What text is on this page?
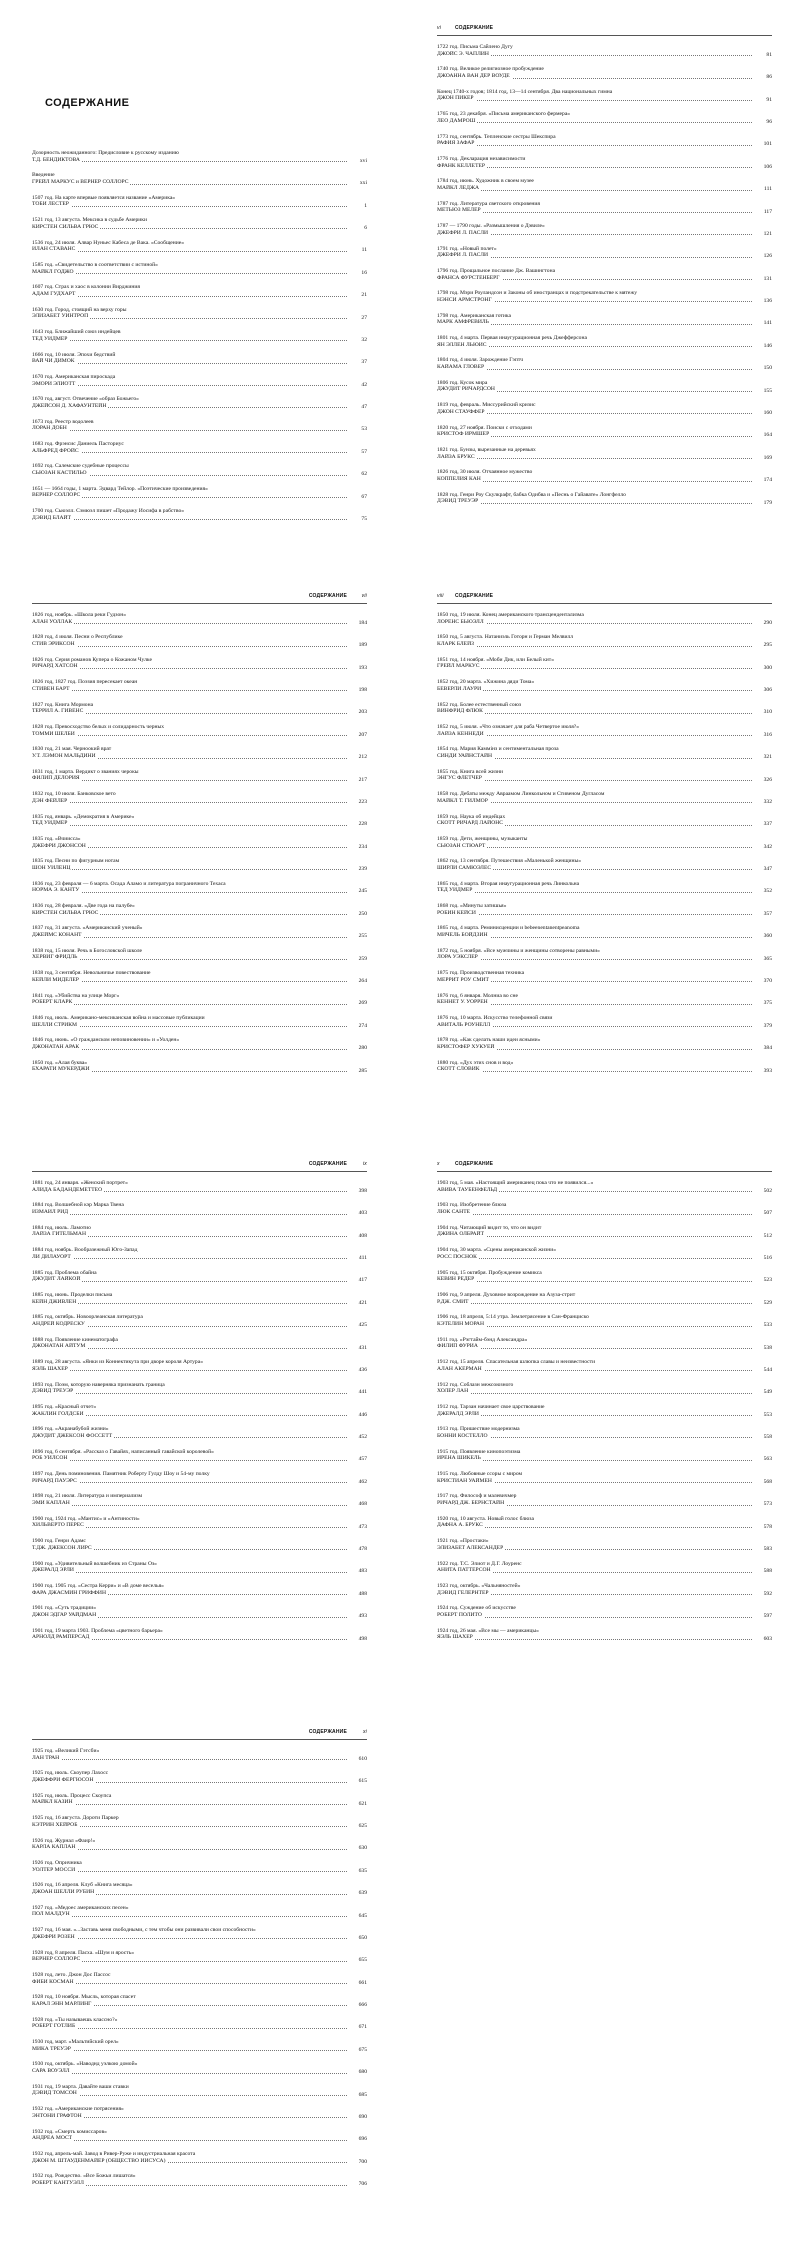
СОДЕРЖАНИЕ
Дозорность неожиданного: Предисловие к русскому изданию
Т.Д. БЕНДИКТОВА	xvi
Введение
ГРЕЙЛ МАРКУС и ВЕРНЕР СОЛЛОРС	xxi
1507 год. На карте впервые появляется название «Америка»
ТОБИ ЛЕСТЕР	1
1521 год, 13 августа. Мексика в судьбе Америки
КИРСТЕН СИЛЬВА ГРЮС	6
1536 год, 24 июля. Алвар Нуньес Кабеса де Вака. «Сообщение»
ИЛАН СТАВАНС	11
1585 год. «Свидетельство в соответствии с истиной»
МАЙКЛ ГОДЖО	16
1607 год. Страх и хаос в колонии Вирджиния
АДАМ ГУДХАРТ	21
1630 год. Город, стоящий на верху горы
ЭЛИЗАБЕТ УИНТРОП	27
1643 год. Ближайший союз индейцев
ТЕД УИДМЕР	32
1666 год, 10 июля. Эпохи бедствий
ВАЙ ЧИ ДИМОК	37
1670 год. Американская пироскада
ЭМОРИ ЭЛИОТТ	42
1670 год, август. Отвечение «образ Божьего»
ДЖЕЙСОН Д. ХАФАУНТЕЙН	47
1673 год. Реестр водолеев
ЛОРАН ДОБН	53
1683 год. Фрэнсис Даниель Пасториус
АЛЬФРЕД ФРОЙС	57
1692 год. Салемские судебные процессы
СЬЮЗАН КАСТИЛЬО	62
1651 — 1664 годы, 1 марта. Эдвард Тейлор. «Поэтические произведения»
ВЕРНЕР СОЛЛОРС	67
1700 год. Сьюэлл. Сэмюэл пишет «Продажу Иосифа в рабство»
ДЭВИД БЛАЙТ	75
vi	СОДЕРЖАНИЕ
1722 год. Письма Сайлено Дугу
ДЖОЙС Э. ЧАПЛИН	81
1740 год. Великое религиозное пробуждение
ДЖОАННА ВАН ДЕР ВОУДЕ	86
Конец 1740-х годов; 1814 год, 13—14 сентября. Два национальных гимна
ДЖОН ПИКЕР	91
1765 год, 23 декабря. «Письма американского фермера»
ЛЕО ДАМРОШ	96
1773 год, сентябрь. Тепленские сестры Шекспира
РАФИЯ ЗАФАР	101
1776 год. Декларация независимости
ФРАНК КЕЛЛЕТЕР	106
1784 год, июнь. Художник в своем музее
МАЙКЛ ЛЕДЖА	111
1787 год. Литература светского откровения
МЕТЬЮЗ МЕЛЕР	117
1787 — 1790 годы. «Размышления о Дэвиле»
ДЖЕФРИ Л. ПАСЛИ	121
1791 год. «Новый полет»
ДЖЕФРИ Л. ПАСЛИ	126
1796 год. Прощальное послание Дж. Вашингтона
ФРАНСА ФУРСТЕНБЕРГ	131
1798 год. Мэри Роуландсон и Законы об иностранцах и подстрекательстве к мятежу
НЭНСИ АРМСТРОНГ	136
1798 год. Американская готика
МАРК АМФРЕВИЛЬ	141
1801 год, 4 марта. Первая инаугурационная речь Джефферсона
ЯН ЭЛЛЕН ЛЬЮИС	146
1804 год, 4 июля. Зарождение Гэптч
КАЙАМА ГЛОВЕР	150
1806 год. Кусок мира
ДЖУДИТ РИЧАРДСОН	155
1819 год, февраль. Миссурийский кризис
ДЖОН СТАУФФЕР	160
1820 год, 27 ноября. Поиски с отходами
КРИСТОФ ИРМШЕР	164
1821 год. Бунзы, вырезанные на деревьях
ЛАЙЗА БРУКС	169
1826 год, 30 июля. Отчаянное мужество
КОППЕЛИЯ КАН	174
1828 год. Генри Роу Скулкрафт, бабка Одибва и «Песнь о Гайавате» Лонгфелло
ДЭВИД ТРЕУЭР	179
СОДЕРЖАНИЕ	vii
1826 год, ноябрь. «Школа реки Гудзон»
АЛАН УОЛЛАК	184
1828 год, 4 июля. Песни о Республике
СТИВ ЭРИКСОН	189
1826 год. Серия романов Купера о Кожаном Чулке
РИЧАРД ХАТСОН	193
1826 год, 1827 год. Поэзия пересекает океан
СТИВЕН БАРТ	198
1827 год. Книга Мормона
ТЕРРИЛ А. ГИВЕНС	203
1828 год. Превосходство белых и солидарность черных
ТОММИ ШЕЛБИ	207
1830 год, 21 мая. Черноокий врат
У.Т. ЛЭМОН МАЛЬДИНИ	212
1831 год, 1 марта. Вердикт о званиях черокы
ФИЛИП ДЕЛОРИЯ	217
1832 год, 10 июля. Банковское вето
ДЭН ФЕЙЛЕР	223
1835 год, январь. «Демократия в Америке»
ТЕД УИДМЕР	228
1835 год. «Вчиисса»
ДЖЕФРИ ДЖОНСОН	234
1835 год. Песни по фигурным нотам
ШОН УИЛЕНЦ	239
1836 год, 23 февраля — 6 марта. Осада Аламо и литература пограничного Техаса
НОРМА Э. КАНТУ	245
1836 год, 28 февраля. «Две года на палубе»
КИРСТЕН СИЛЬВА ГРЮС	250
1837 год, 31 августа. «Американский ученый»
ДЖЕЙМС КОНАНТ	255
1838 год, 15 июля. Речь в Богословской школе
ХЕРВИГ ФРИДЛЬ	259
1838 год, 3 сентября. Невольничье повествование
КЕЙЛИ МИДЕЛЕР	264
1841 год. «Убийства на улице Морг»
РОБЕРТ КЛАРК	269
1846 год, июль. Американо-мексиканская война и массовые публикации
ШЕЛЛИ СТРИКМ	274
1846 год, июнь. «О гражданском неповиновении» и «Уолден»
ДЖОНАТАН АРАК	280
1850 год. «Алая буква»
БХАРАТИ МУКЕРДЖИ	285
viii СОДЕРЖАНИЕ
1850 год, 19 июля. Конец американского трансцендентализма
ЛОРЕНС БЬЮЭЛЛ	290
1850 год, 5 августа. Натаниэль Готорн и Герман Мелвилл
КЛАРК БЛЕЙЗ	295
1851 год, 14 ноября. «Моби Дик, или Белый кит»
ГРЕЙЛ МАРКУС	300
1852 год, 20 марта. «Хижина дяди Тома»
БЕВЕРЛИ ЛАУРИ	306
1852 год. Более естественный союз
ВИНФРИД ФЛЮК	310
1852 год, 5 июля. «Что означает для раба Четвертое июля?»
ЛАЙЗА КЕННЕДИ	316
1854 год. Мария Каммінз и сентиментальная проза
СИНДИ УАЙНСТАЙН	321
1855 год. Книга всей жизни
ЭНГУС ФЛЕТЧЕР	326
1858 год. Дебаты между Авраамом Линкольном и Стивеном Дугласом
МАЙКЛ Т. ГИЛМОР	332
1859 год. Наука об индейцах
СКОТТ РИЧАРД ЛАЙОНС	337
1859 год. Дети, женщины, музыканты
СЬЮЗАН СТЮАРТ	342
1862 год, 13 сентября. Путешествия «Маленькой женщины»
ШИРЛИ САМЮЭЛЕС	347
1865 год, 4 марта. Вторая инаугурационная речь Линкольна
ТЕД УИДМЕР	352
1868 год. «Минуты затишья»
РОБИН КЕЙСИ	357
1865 год, 4 марта. Реминисценции и bebeenentanentpeanoma
МИЧЕЛЬ БОЙДЗИН	360
1872 год, 5 ноября. «Все мужчины и женщины сотворены равными»
ЛОРА УЭКСЛЕР	365
1875 год. Производственная техника
МЕРРИТ РОУ СМИТ	370
1876 год, 6 января. Молниа во сне
КЕННЕТ У. УОРРЕН	375
1876 год, 10 марта. Искусство телефонной связи
АВИТАЛЬ РОУНЕЛЛ	379
1878 год. «Как сделать наши идеи ясными»
КРИСТОФЕР ХУКУЕЙ	384
1880 год. «Дух этих снов и вод»
СКОТТ СЛОВИК	393
СОДЕРЖАНИЕ	ix
1881 год, 24 января. «Женский портрет»
АЛИДА БАДАНДЕМЕТТЕО	398
1884 год. Волшебной кэр Марка Твена
ИЗМАИЛ РИД	403
1884 год, июль. Ламотио
ЛАЙЗА ГИТЕЛЬМАН	408
1884 год, ноябрь. Вообразежный Юго-Запад
ЛИ ДИЛАУОРТ	411
1885 год. Проблема обайна
ДЖУДИТ ЛАЙКОЙ	417
1885 год, июнь. Проделки письма
КЕЙН ДЖИВЛЕН	421
1885 год, октябрь. Новоорлеанская литература
АНДРЕЙ КОДРЕСКУ	425
1888 год. Появление кинематографа
ДЖОНАТАН АЙТУМ	431
1889 год, 28 августа. «Янки из Коннектикута при дворе короля Артура»
ЯЭЛЬ ШАХЕР	436
1893 год. Поэм, которую наверняка признанать граница
ДЭВИД ТРЕУЭР	441
1895 год. «Красный отчет»
ЖАКЛИН ГОЛДСБИ	446
1896 год. «Акранабубой жизни»
ДЖУДИТ ДЖЕКСОН ФОССЕТТ	452
1896 год, 6 сентября. «Рассказ о Гавайях, написанный гавайской королевой»
РОБ УИЛСОН	457
1897 год. День поминовения. Памятник Роберту Гулду Шоу и 54-му полку
РИЧАРД ПАУЭРС	462
1898 год, 21 июля. Литература и империализм
ЭМИ КАПЛАН	468
1900 год, 1924 год. «Мантис» и «Антиности»
ХИЛЬВЕРТО ПЕРЕС	473
1900 год. Генри Адамс
Т.ДЖ. ДЖЕКСОН ЛИРС	478
1900 год. «Удивительный волшебник из Страны Оз»
ДЖЕРАЛД ЭРЛИ	483
1900 год. 1905 год. «Сестра Керри» и «В доме веселья»
ФАРА ДЖАСМИН ГРИФФИН	488
1901 год. «Суть традиции»
ДЖОН ЭДГАР УАЙДМАН	493
1901 год, 19 марта 1903. Проблема «цветного барьера»
АРНОЛД РАМПЕРСАД	498
x	СОДЕРЖАНИЕ
1903 год, 5 мая. «Настоящий американец пока что не появился...»
АВИВА ТАУБЕНФЕЛЬД	502
1903 год. Изобретение блюза
ЛЮК САНТЕ	507
1904 год. Читающий видит то, что он видит
ДЖИНА ОЛБРАЙТ	512
1904 год, 30 марта. «Сцены американской жизни»
РОСС ПОСНОК	516
1905 год, 15 октября. Пробуждение комикса
КЕВИН РЕДЕР	523
1906 год, 9 апреля. Духовное возрождение на Азуза-стрит
Р.ДЖ. СМИТ	529
1906 год, 18 апреля, 5:14 утра. Землетрясение в Сан-Франциско
КЭТЕЛИН МОРАН	533
1911 год. «Рэгтайм-бэнд Александра»
ФИЛИП ФУРИА	538
1912 год, 15 апреля. Спасательная шлюпка славы и неизвестности
АЛАН АКЕРМАН	544
1912 год. Соблазн межсоюзного
ХОЛЕР ЛАН	549
1912 год. Тарзан начинает свое царствование
ДЖЕРАЛД ЭРЛИ	553
1913 год. Пришествие модернизма
БОННИ КОСТЕЛЛО	558
1915 год. Появление кинопоэтизма
ИРЕНА ШИКЕЛЬ	563
1915 год. Любовные ссоры с миром
КРИСТИАН УАЙМЕН	568
1917 год. Философ и малевичмер
РИЧАРД ДЖ. БЕРНСТАЙН	573
1920 год, 10 августа. Новый голос блюза
ДАФНА А. БРУКС	578
1921 год. «Простаки»
ЭЛИЗАБЕТ АЛЕКСАНДЕР	583
1922 год. Т.С. Элиот и Д.Г. Лоуренс
АНИТА ПАТТЕРСОН	588
1923 год, октябрь. «Чальняностей»
ДЭВИД ГЕЛЕРНТЕР	592
1924 год. Суждение об искусстве
РОБЕРТ ПОЛИТО	597
1924 год, 26 мая. «Все мы — американцы»
ЯЭЛЬ ШАХЕР	603
СОДЕРЖАНИЕ	xi
1925 год. «Великий Гэтсби»
ЛАН ТРАН	610
1925 год, июль. Скоупер Лахосс
ДЖЕФФРИ ФЕРГЮСОН	615
1925 год, июль. Процесс Скоупса
МАЙКЛ КАЗИН	621
1925 год, 16 августа. Дороти Паркер
КЭТРИН ХЕЙРОБ	625
1926 год. Журнал «Фаир!»
КАРЛА КАПЛАН	630
1926 год. Опричника
УОЛТЕР МОССИ	635
1926 год, 16 апреля. Клуб «Книга месяца»
ДЖОАН ШЕЛЛИ РУБИН	639
1927 год. «Медоес американских песен»
ПОЛ МАЛДУН	645
1927 год, 16 мая. «...Заставь меня свободными, с тем чтобы они развивали свои способности»
ДЖЕФРИ РОЗЕН	650
1928 год, 8 апреля. Пасха. «Шум и ярость»
ВЕРНЕР СОЛЛОРС	655
1928 год, лето. Джон Дос Пассос
ФИБИ КОСМАН	661
1928 год, 10 ноября. Мысль, которая спасет
КАРАЛ ЭНН МАРЛИНГ	666
1928 год. «Ты называешь классно?»
РОБЕРТ ГОТЛИБ	671
1930 год, март. «Мальтийский орел»
МИКА ТРЕУЭР	675
1930 год, октябрь. «Наводнд уэлкою домой»
САРА ВОУЭЛЛ	680
1931 год, 19 марта. Давайте ваши ставки
ДЭВИД ТОМСОН	685
1932 год. «Американские потрясения»
ЭНТОНИ ГРАФТОН	690
1932 год. «Смерть комиссаров»
АНДРЕА МОСТ	696
1932 год, апрель-май. Завод в Ривер-Руже и индустриальная красота
ДЖОН М. ШТАУДЕНМАЙЕР (ОБЩЕСТВО ИИСУСА)	700
1932 год. Рождество. «Все Божьи лишатся»
РОБЕРТ КАНТУЭЛЛ	706
